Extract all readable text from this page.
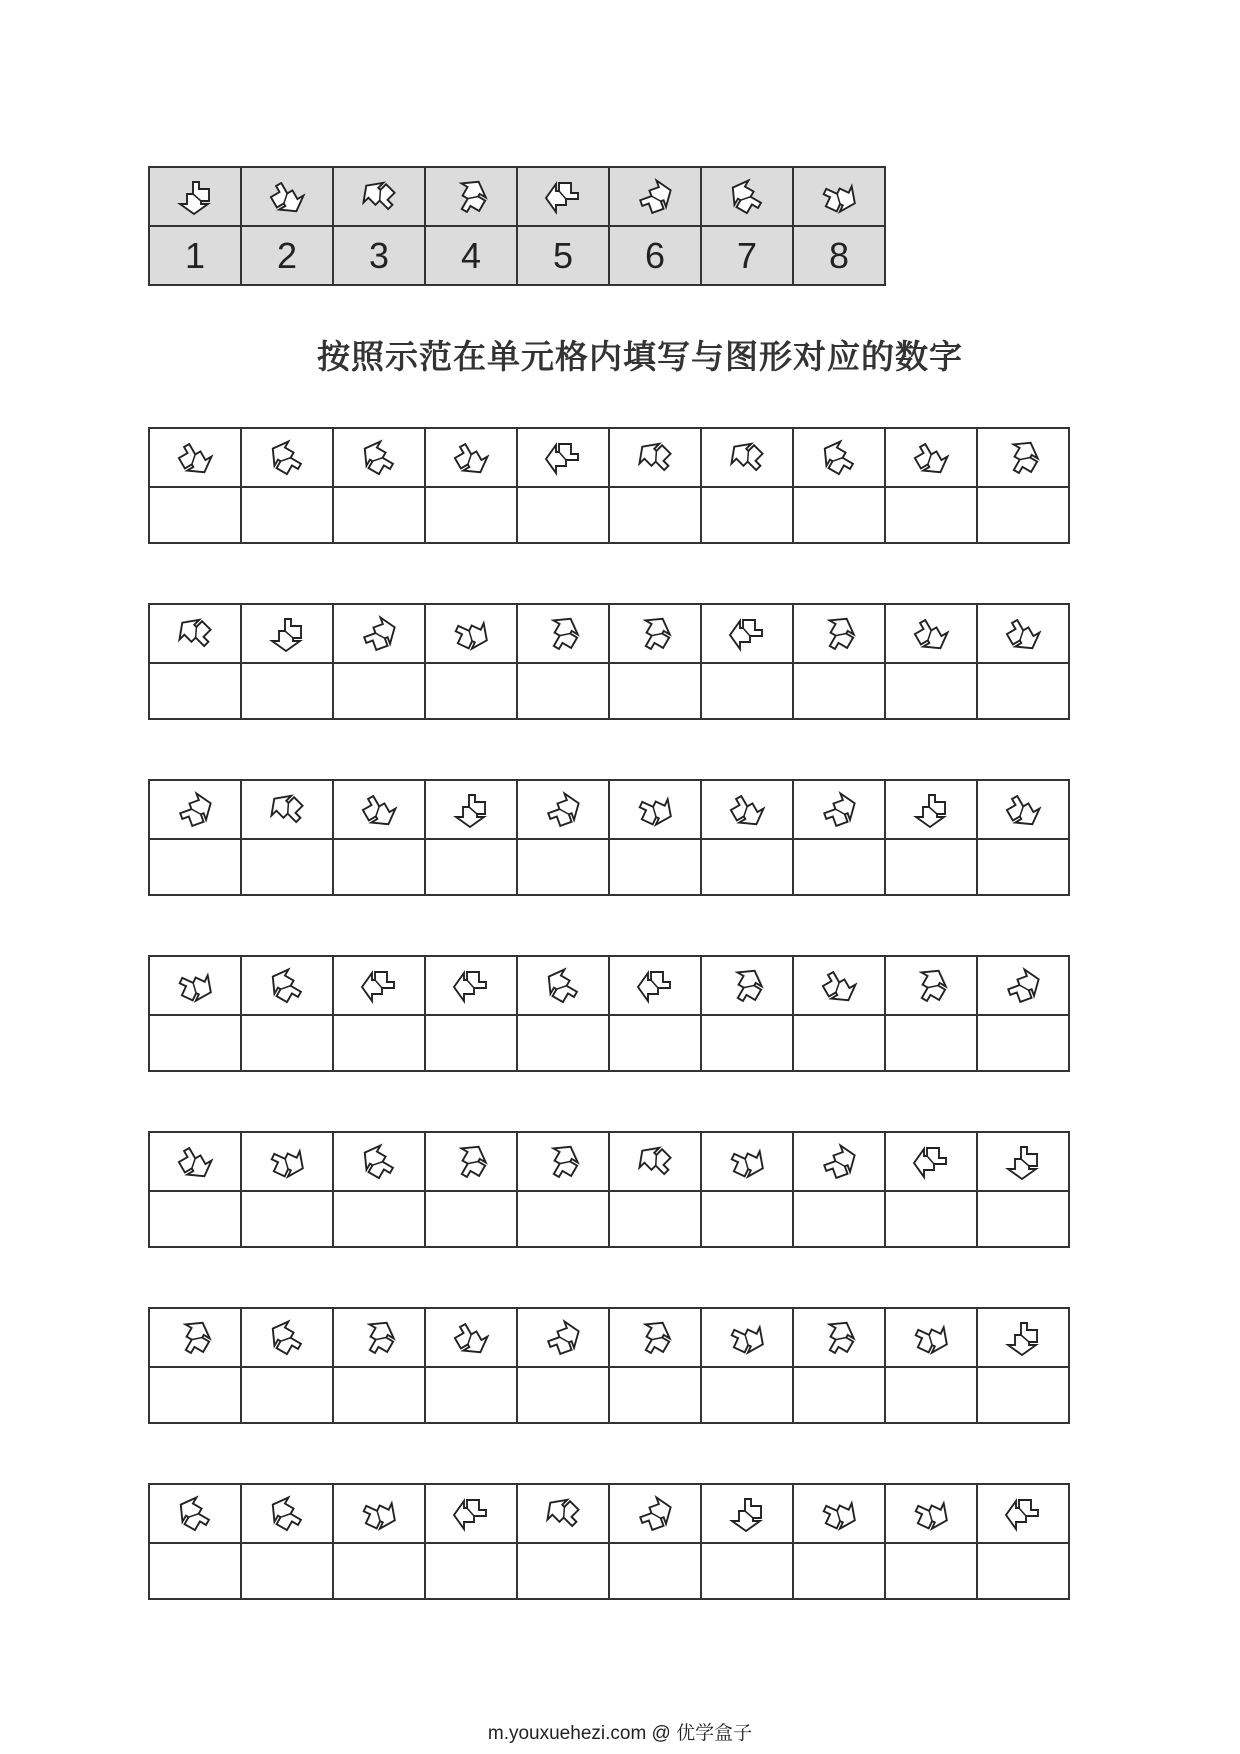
1	2	3	4	5	6	7	8
按照示范在单元格内填写与图形对应的数字

m.youxuehezi.com @ 优学盒子
